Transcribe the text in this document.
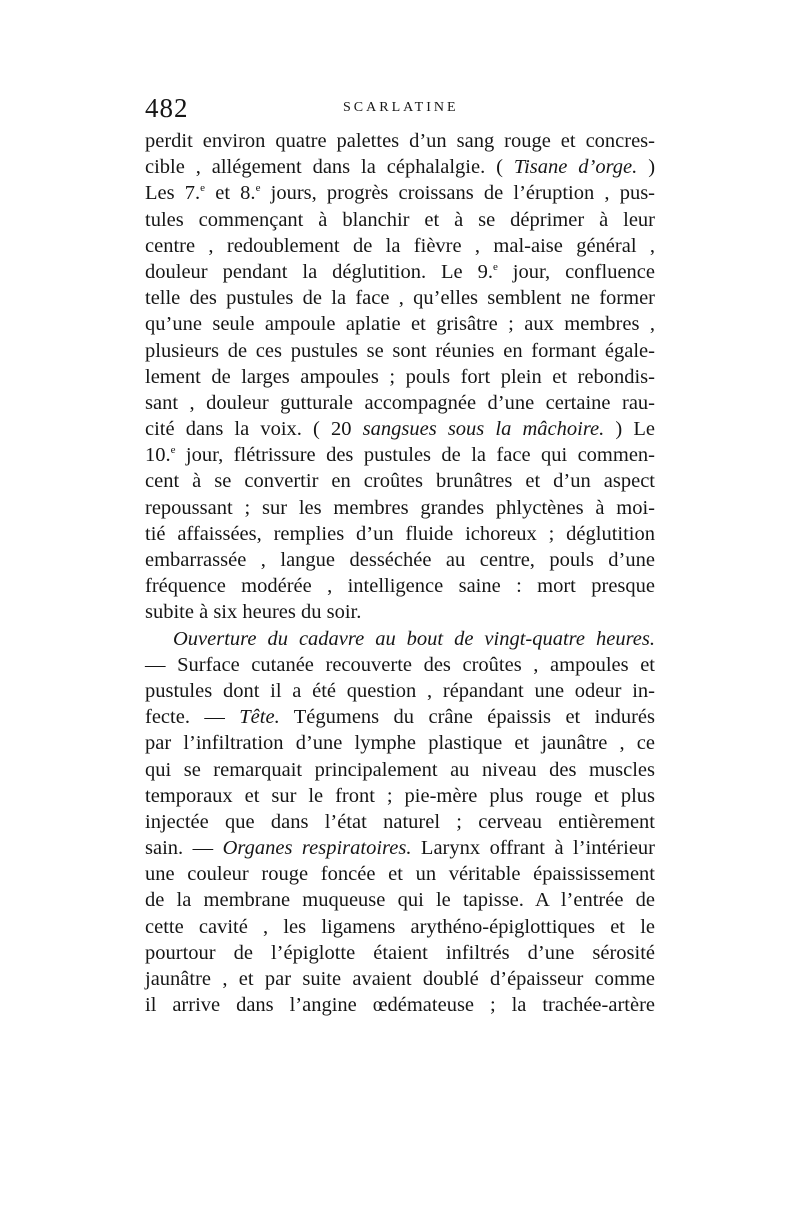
482	SCARLATINE
perdit environ quatre palettes d’un sang rouge et concres-
cible , allégement dans la céphalalgie. ( Tisane d’orge. )
Les 7.$^e$ et 8.$^e$ jours, progrès croissans de l’éruption , pus-
tules commençant à blanchir et à se déprimer à leur
centre , redoublement de la fièvre , mal-aise général ,
douleur pendant la déglutition. Le 9.$^e$ jour, confluence
telle des pustules de la face , qu’elles semblent ne former
qu’une seule ampoule aplatie et grisâtre ; aux membres ,
plusieurs de ces pustules se sont réunies en formant égale-
lement de larges ampoules ; pouls fort plein et rebondis-
sant , douleur gutturale accompagnée d’une certaine rau-
cité dans la voix. ( 20 sangsues sous la mâchoire. ) Le
10.$^e$ jour, flétrissure des pustules de la face qui commen-
cent à se convertir en croûtes brunâtres et d’un aspect
repoussant ; sur les membres grandes phlyctènes à moi-
tié affaissées, remplies d’un fluide ichoreux ; déglutition
embarrassée , langue desséchée au centre, pouls d’une
fréquence modérée , intelligence saine : mort presque
subite à six heures du soir.
Ouverture du cadavre au bout de vingt-quatre heures.
— Surface cutanée recouverte des croûtes , ampoules et
pustules dont il a été question , répandant une odeur in-
fecte. — Tête. Tégumens du crâne épaissis et indurés
par l’infiltration d’une lymphe plastique et jaunâtre , ce
qui se remarquait principalement au niveau des muscles
temporaux et sur le front ; pie-mère plus rouge et plus
injectée que dans l’état naturel ; cerveau entièrement
sain. — Organes respiratoires. Larynx offrant à l’intérieur
une couleur rouge foncée et un véritable épaississement
de la membrane muqueuse qui le tapisse. A l’entrée de
cette cavité , les ligamens arythéno-épiglottiques et le
pourtour de l’épiglotte étaient infiltrés d’une sérosité
jaunâtre , et par suite avaient doublé d’épaisseur comme
il arrive dans l’angine œdémateuse ; la trachée-artère
